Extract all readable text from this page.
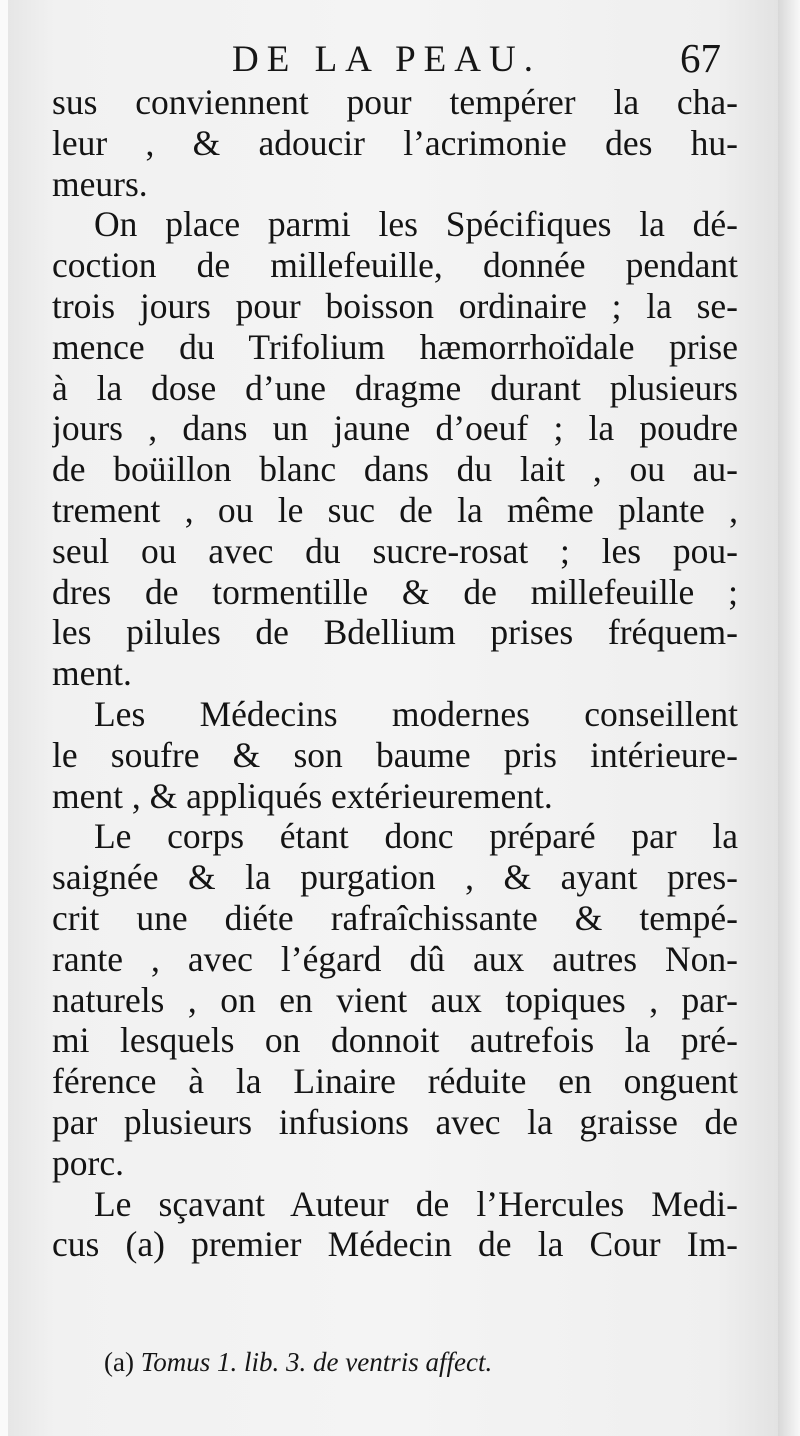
DE LA PEAU.	67
sus conviennent pour tempérer la cha-
leur , & adoucir l’acrimonie des hu-
meurs.
On place parmi les Spécifiques la dé-
coction de millefeuille, donnée pendant
trois jours pour boisson ordinaire ; la se-
mence du Trifolium hæmorrhoïdale prise
à la dose d’une dragme durant plusieurs
jours , dans un jaune d’oeuf ; la poudre
de boüillon blanc dans du lait , ou au-
trement , ou le suc de la même plante ,
seul ou avec du sucre-rosat ; les pou-
dres de tormentille & de millefeuille ;
les pilules de Bdellium prises fréquem-
ment.
Les Médecins modernes conseillent
le soufre & son baume pris intérieure-
ment , & appliqués extérieurement.
Le corps étant donc préparé par la
saignée & la purgation , & ayant pres-
crit une diéte rafraîchissante & tempé-
rante , avec l’égard dû aux autres Non-
naturels , on en vient aux topiques , par-
mi lesquels on donnoit autrefois la pré-
férence à la Linaire réduite en onguent
par plusieurs infusions avec la graisse de
porc.
Le sçavant Auteur de l’Hercules Medi-
cus (a) premier Médecin de la Cour Im-
(a) Tomus 1. lib. 3. de ventris affect.
